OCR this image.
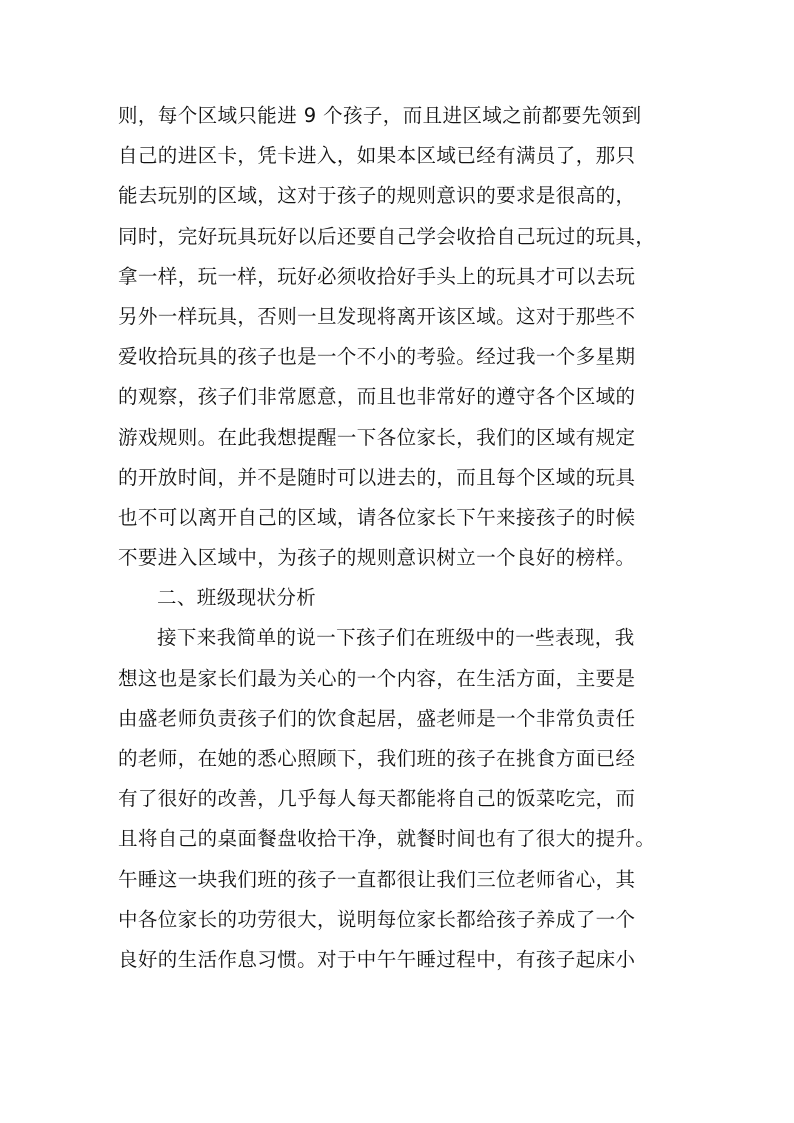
则，每个区域只能进 9 个孩子，而且进区域之前都要先领到
自己的进区卡，凭卡进入，如果本区域已经有满员了，那只
能去玩别的区域，这对于孩子的规则意识的要求是很高的，
同时，完好玩具玩好以后还要自己学会收拾自己玩过的玩具，
拿一样，玩一样，玩好必须收拾好手头上的玩具才可以去玩
另外一样玩具，否则一旦发现将离开该区域。这对于那些不
爱收拾玩具的孩子也是一个不小的考验。经过我一个多星期
的观察，孩子们非常愿意，而且也非常好的遵守各个区域的
游戏规则。在此我想提醒一下各位家长，我们的区域有规定
的开放时间，并不是随时可以进去的，而且每个区域的玩具
也不可以离开自己的区域，请各位家长下午来接孩子的时候
不要进入区域中，为孩子的规则意识树立一个良好的榜样。
二、班级现状分析
接下来我简单的说一下孩子们在班级中的一些表现，我
想这也是家长们最为关心的一个内容，在生活方面，主要是
由盛老师负责孩子们的饮食起居，盛老师是一个非常负责任
的老师，在她的悉心照顾下，我们班的孩子在挑食方面已经
有了很好的改善，几乎每人每天都能将自己的饭菜吃完，而
且将自己的桌面餐盘收拾干净，就餐时间也有了很大的提升。
午睡这一块我们班的孩子一直都很让我们三位老师省心，其
中各位家长的功劳很大，说明每位家长都给孩子养成了一个
良好的生活作息习惯。对于中午午睡过程中，有孩子起床小
